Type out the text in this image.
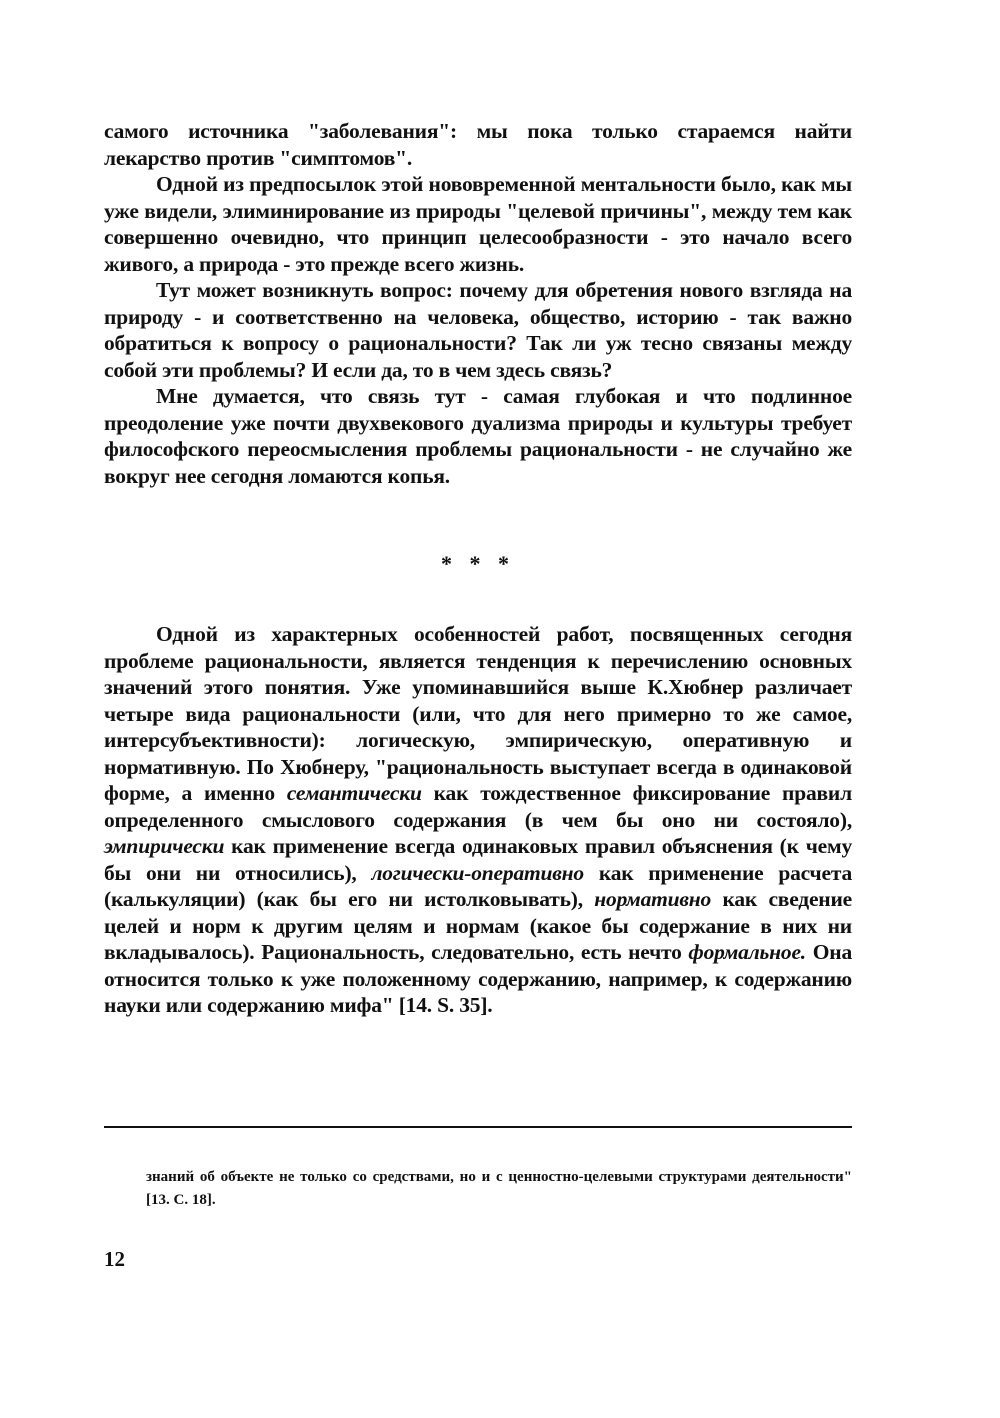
самого источника "заболевания": мы пока только стараемся найти лекарство против "симптомов".

Одной из предпосылок этой нововременной ментальности было, как мы уже видели, элиминирование из природы "целевой причины", между тем как совершенно очевидно, что принцип целесообразности - это начало всего живого, а природа - это прежде всего жизнь.

Тут может возникнуть вопрос: почему для обретения нового взгляда на природу - и соответственно на человека, общество, историю - так важно обратиться к вопросу о рациональности? Так ли уж тесно связаны между собой эти проблемы? И если да, то в чем здесь связь?

Мне думается, что связь тут - самая глубокая и что подлинное преодоление уже почти двухвекового дуализма природы и культуры требует философского переосмысления проблемы рациональности - не случайно же вокруг нее сегодня ломаются копья.

* * *

Одной из характерных особенностей работ, посвященных сегодня проблеме рациональности, является тенденция к перечислению основных значений этого понятия. Уже упоминавшийся выше К.Хюбнер различает четыре вида рациональности (или, что для него примерно то же самое, интерсубъективности): логическую, эмпирическую, оперативную и нормативную. По Хюбнеру, "рациональность выступает всегда в одинаковой форме, а именно семантически как тождественное фиксирование правил определенного смыслового содержания (в чем бы оно ни состояло), эмпирически как применение всегда одинаковых правил объяснения (к чему бы они ни относились), логически-оперативно как применение расчета (калькуляции) (как бы его ни истолковывать), нормативно как сведение целей и норм к другим целям и нормам (какое бы содержание в них ни вкладывалось). Рациональность, следовательно, есть нечто формальное. Она относится только к уже положенному содержанию, например, к содержанию науки или содержанию мифа" [14. S. 35].

знаний об объекте не только со средствами, но и с ценностно-целевыми структурами деятельности" [13. С. 18].
12
